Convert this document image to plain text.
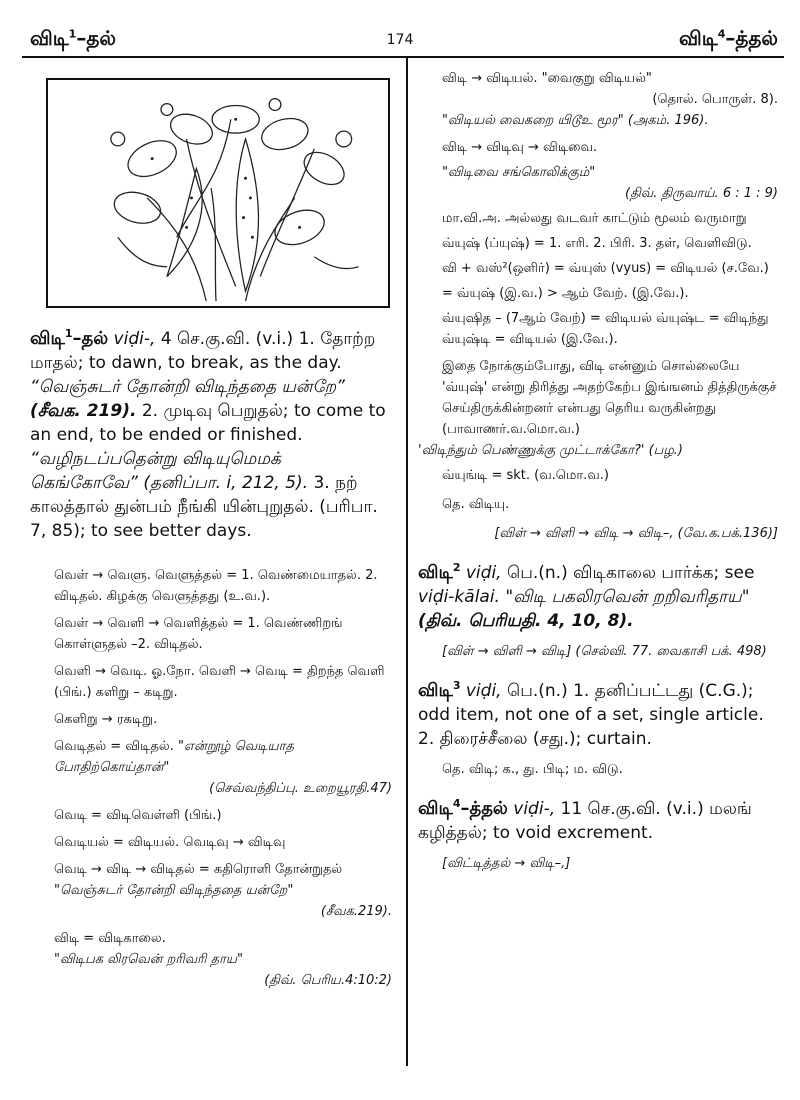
விடி$^1$–தல்	174	விடி$^4$–த்தல்

விடி$^1$–தல் viḍi-, 4 செ.கு.வி. (v.i.) 1. தோற்ற மாதல்; to dawn, to break, as the day. “வெஞ்சுடர் தோன்றி விடிந்ததை யன்றே” (சீவக. 219). 2. முடிவு பெறுதல்; to come to an end, to be ended or finished. “வழிநடப்பதென்று விடியுமெமக் கெங்கோவே” (தனிப்பா. i, 212, 5). 3. நற் காலத்தால் துன்பம் நீங்கி யின்புறுதல். (பரிபா. 7, 85); to see better days.

வெள் → வெளு. வெளுத்தல் = 1. வெண்மையாதல். 2. விடிதல். கிழக்கு வெளுத்தது (உ.வ.).

வெள் → வெளி → வெளித்தல் = 1. வெண்ணிறங் கொள்ளுதல் –2. விடிதல்.

வெளி → வெடி. ஓ.நோ. வெளி → வெடி = திறந்த வெளி (பிங்.) களிறு – கடிறு.

கெளிறு → ரகடிறு.

வெடிதல் = விடிதல். "என்றூழ் வெடியாத போதிற்கொய்தான்"

(செவ்வந்திப்பு. உறையூரதி.47)

வெடி = விடிவெள்ளி (பிங்.)

வெடியல் = விடியல். வெடிவு → விடிவு

வெடி → விடி → விடிதல் = கதிரொளி தோன்றுதல்

"வெஞ்சுடர் தோன்றி விடிந்ததை யன்றே"

(சீவக.219).

விடி = விடிகாலை.

"விடிபக லிரவென் றரிவரி தாய"

(திவ். பெரிய.4:10:2)

விடி → விடியல். "வைகுறு விடியல்"

(தொல். பொருள். 8).

"விடியல் வைகறை யிடூஉ மூர" (அகம். 196).

விடி → விடிவு → விடிவை.

"விடிவை சங்கொலிக்கும்"

(திவ். திருவாய். 6 : 1 : 9)

மா.வி.அ. அல்லது வடவர் காட்டும் மூலம் வருமாறு

வ்யுஷ் (ப்யுஷ்) = 1. எரி. 2. பிரி. 3. தள், வெளிவிடு.

வி + வஸ்²(ஒளிர்) = வ்யுஸ் (vyus) = விடியல் (ச.வே.)

= வ்யுஷ் (இ.வ.) > ஆம் வேற். (இ.வே.).

வ்யுஷித – (7ஆம் வேற்) = விடியல் வ்யுஷ்ட = விடிந்து வ்யுஷ்டி = விடியல் (இ.வே.).

இதை நோக்கும்போது, விடி என்னும் சொல்லையே 'வ்யுஷ்' என்று திரித்து அதற்கேற்ப இங்ஙனம் தித்திருக்குச் செய்திருக்கின்றனர் என்பது தெரிய வருகின்றது (பாவாணர்.வ.மொ.வ.)

'விடிந்தும் பெண்ணுக்கு முட்டாக்கோ?' (பழ.)

வ்யுங்டி = skt. (வ.மொ.வ.)

தெ. விடியு.

[விள் → விளி → விடி → விடி–, (வே.க.பக்.136)]

விடி$^2$ viḍi, பெ.(n.) விடிகாலை பார்க்க; see viḍi-kālai. "விடி பகலிரவென் றறிவரிதாய" (திவ். பெரியதி. 4, 10, 8).

[விள் → விளி → விடி] (செல்வி. 77. வைகாசி பக். 498)

விடி$^3$ viḍi, பெ.(n.) 1. தனிப்பட்டது (C.G.); odd item, not one of a set, single article. 2. திரைச்சீலை (சது.); curtain.

தெ. விடி; க., து. பிடி; ம. விடு.

விடி$^4$–த்தல் viḍi-, 11 செ.கு.வி. (v.i.) மலங் கழித்தல்; to void excrement.

[விட்டித்தல் → விடி–,]
